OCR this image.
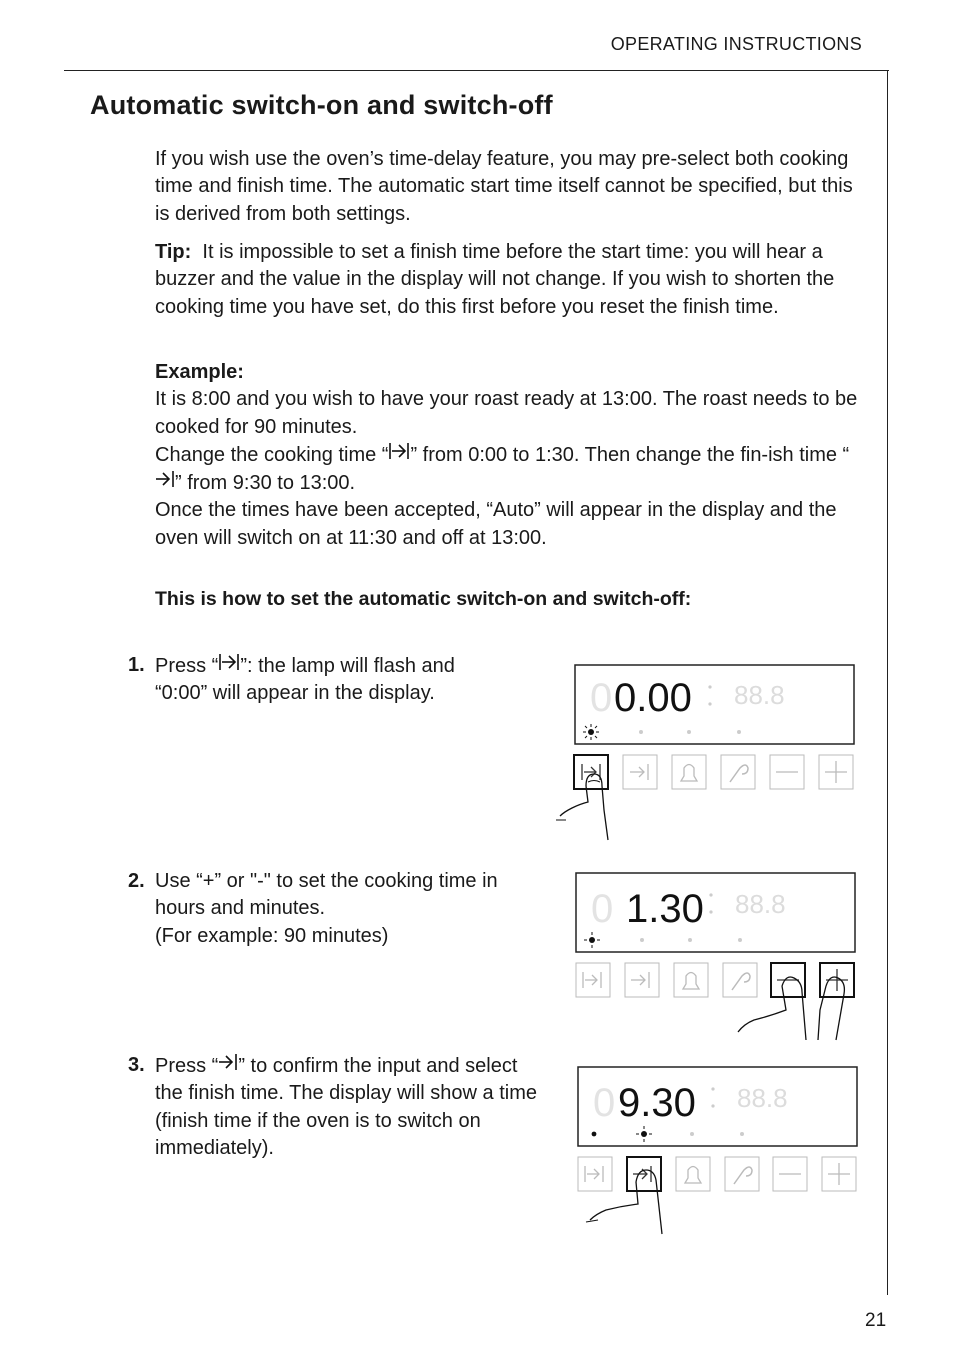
OPERATING INSTRUCTIONS
Automatic switch-on and switch-off

If you wish use the oven’s time-delay feature, you may pre-select both cooking time and finish time. The automatic start time itself cannot be specified, but this is derived from both settings.

Tip: It is impossible to set a finish time before the start time: you will hear a buzzer and the value in the display will not change. If you wish to shorten the cooking time you have set, do this first before you reset the finish time.

Example:
It is 8:00 and you wish to have your roast ready at 13:00. The roast needs to be cooked for 90 minutes.
Change the cooking time “ ” from 0:00 to 1:30. Then change the fin-ish time “” from 9:30 to 13:00.
Once the times have been accepted, “Auto” will appear in the display and the oven will switch on at 11:30 and off at 13:00.

This is how to set the automatic switch-on and switch-off:

1. Press “ ”: the lamp will flash and “0:00” will appear in the display.
2. Use “+” or "-" to set the cooking time in hours and minutes.
(For example: 90 minutes)
3. Press “ ” to confirm the input and select the finish time. The display will show a time (finish time if the oven is to switch on immediately).
0 0.00 88.8
0 1.30 88.8
0 9.30 88.8
21
